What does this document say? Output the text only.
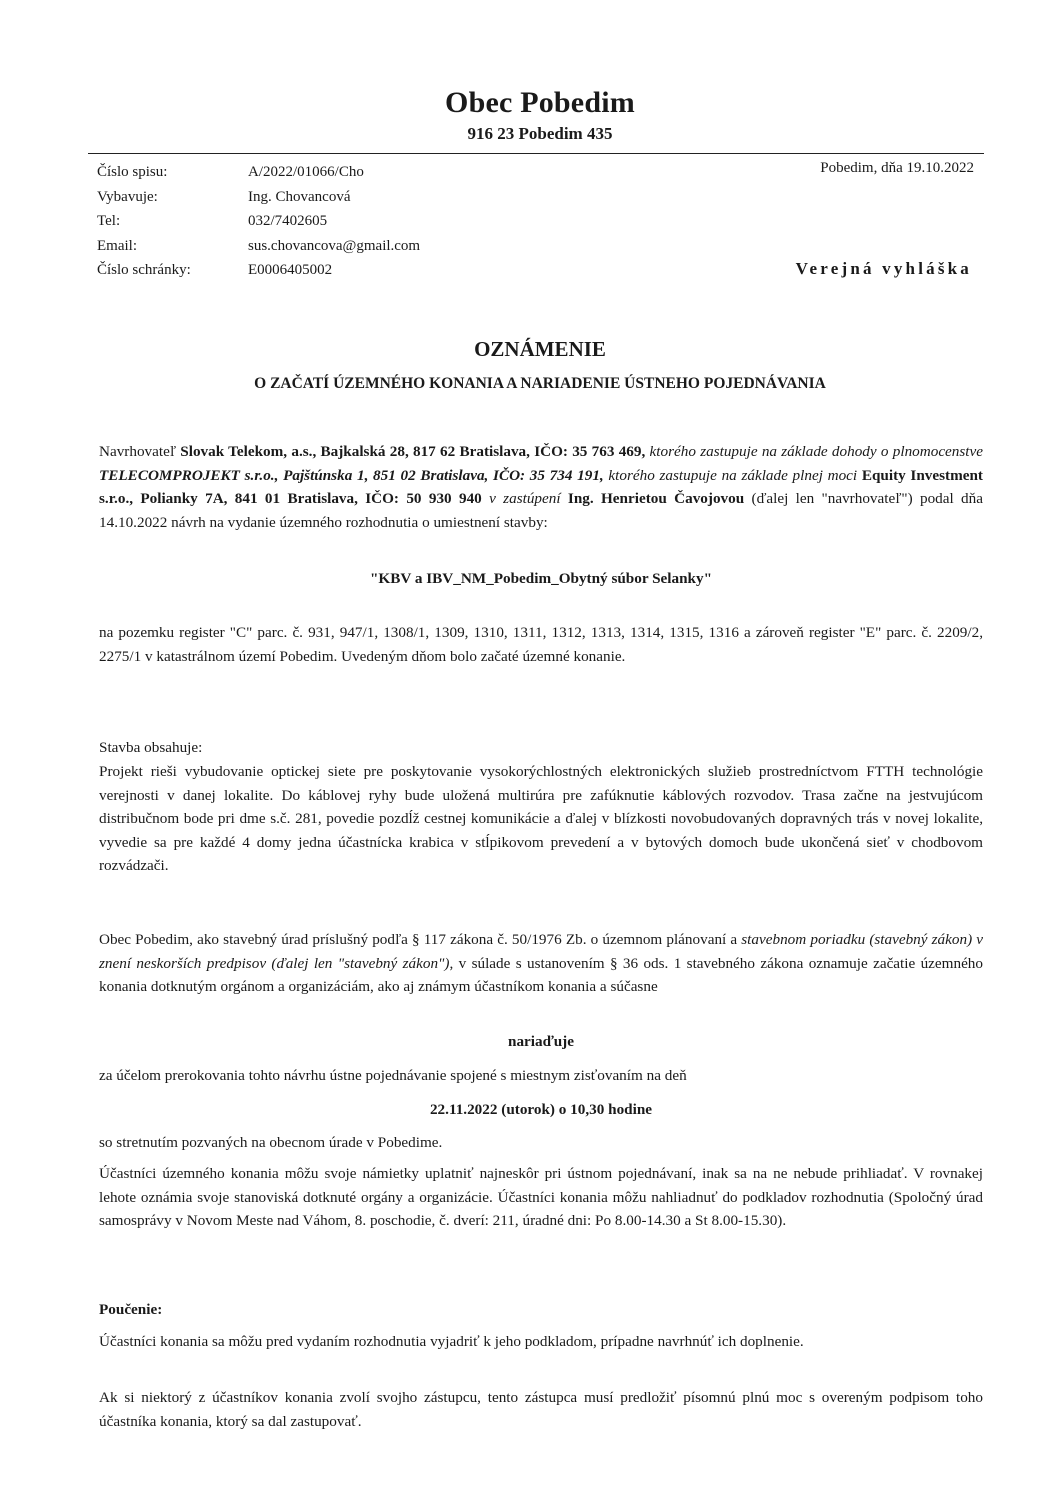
Obec Pobedim
916 23 Pobedim 435
Číslo spisu:	A/2022/01066/Cho
Vybavuje:	Ing. Chovancová
Tel:	032/7402605
Email:	sus.chovancova@gmail.com
Číslo schránky:	E0006405002
Pobedim, dňa 19.10.2022
Verejná vyhláška
OZNÁMENIE
O ZAČATÍ ÚZEMNÉHO KONANIA A NARIADENIE ÚSTNEHO POJEDNÁVANIA
Navrhovateľ Slovak Telekom, a.s., Bajkalská 28, 817 62 Bratislava, IČO: 35 763 469, ktorého zastupuje na základe dohody o plnomocenstve TELECOMPROJEKT s.r.o., Pajštúnska 1, 851 02 Bratislava, IČO: 35 734 191, ktorého zastupuje na základe plnej moci Equity Investment s.r.o., Polianky 7A, 841 01 Bratislava, IČO: 50 930 940 v zastúpení Ing. Henrietou Čavojovou (ďalej len "navrhovateľ") podal dňa 14.10.2022 návrh na vydanie územného rozhodnutia o umiestnení stavby:
"KBV a IBV_NM_Pobedim_Obytný súbor Selanky"
na pozemku register "C" parc. č. 931, 947/1, 1308/1, 1309, 1310, 1311, 1312, 1313, 1314, 1315, 1316 a zároveň register "E" parc. č. 2209/2, 2275/1 v katastrálnom území Pobedim. Uvedeným dňom bolo začaté územné konanie.
Stavba obsahuje:
Projekt rieši vybudovanie optickej siete pre poskytovanie vysokorýchlostných elektronických služieb prostredníctvom FTTH technológie verejnosti v danej lokalite. Do káblovej ryhy bude uložená multirúra pre zafúknutie káblových rozvodov. Trasa začne na jestvujúcom distribučnom bode pri dme s.č. 281, povedie pozdĺž cestnej komunikácie a ďalej v blízkosti novobudovaných dopravných trás v novej lokalite, vyvedie sa pre každé 4 domy jedna účastnícka krabica v stĺpikovom prevedení a v bytových domoch bude ukončená sieť v chodbovom rozvádzači.
Obec Pobedim, ako stavebný úrad príslušný podľa § 117 zákona č. 50/1976 Zb. o územnom plánovaní a stavebnom poriadku (stavebný zákon) v znení neskorších predpisov (ďalej len "stavebný zákon"), v súlade s ustanovením § 36 ods. 1 stavebného zákona oznamuje začatie územného konania dotknutým orgánom a organizáciám, ako aj známym účastníkom konania a súčasne
nariaďuje
za účelom prerokovania tohto návrhu ústne pojednávanie spojené s miestnym zisťovaním na deň
22.11.2022 (utorok) o 10,30 hodine
so stretnutím pozvaných na obecnom úrade v Pobedime.
Účastníci územného konania môžu svoje námietky uplatniť najneskôr pri ústnom pojednávaní, inak sa na ne nebude prihliadať. V rovnakej lehote oznámia svoje stanoviská dotknuté orgány a organizácie. Účastníci konania môžu nahliadnuť do podkladov rozhodnutia (Spoločný úrad samosprávy v Novom Meste nad Váhom, 8. poschodie, č. dverí: 211, úradné dni: Po 8.00-14.30 a St 8.00-15.30).
Poučenie:
Účastníci konania sa môžu pred vydaním rozhodnutia vyjadriť k jeho podkladom, prípadne navrhnúť ich doplnenie.
Ak si niektorý z účastníkov konania zvolí svojho zástupcu, tento zástupca musí predložiť písomnú plnú moc s overeným podpisom toho účastníka konania, ktorý sa dal zastupovať.
